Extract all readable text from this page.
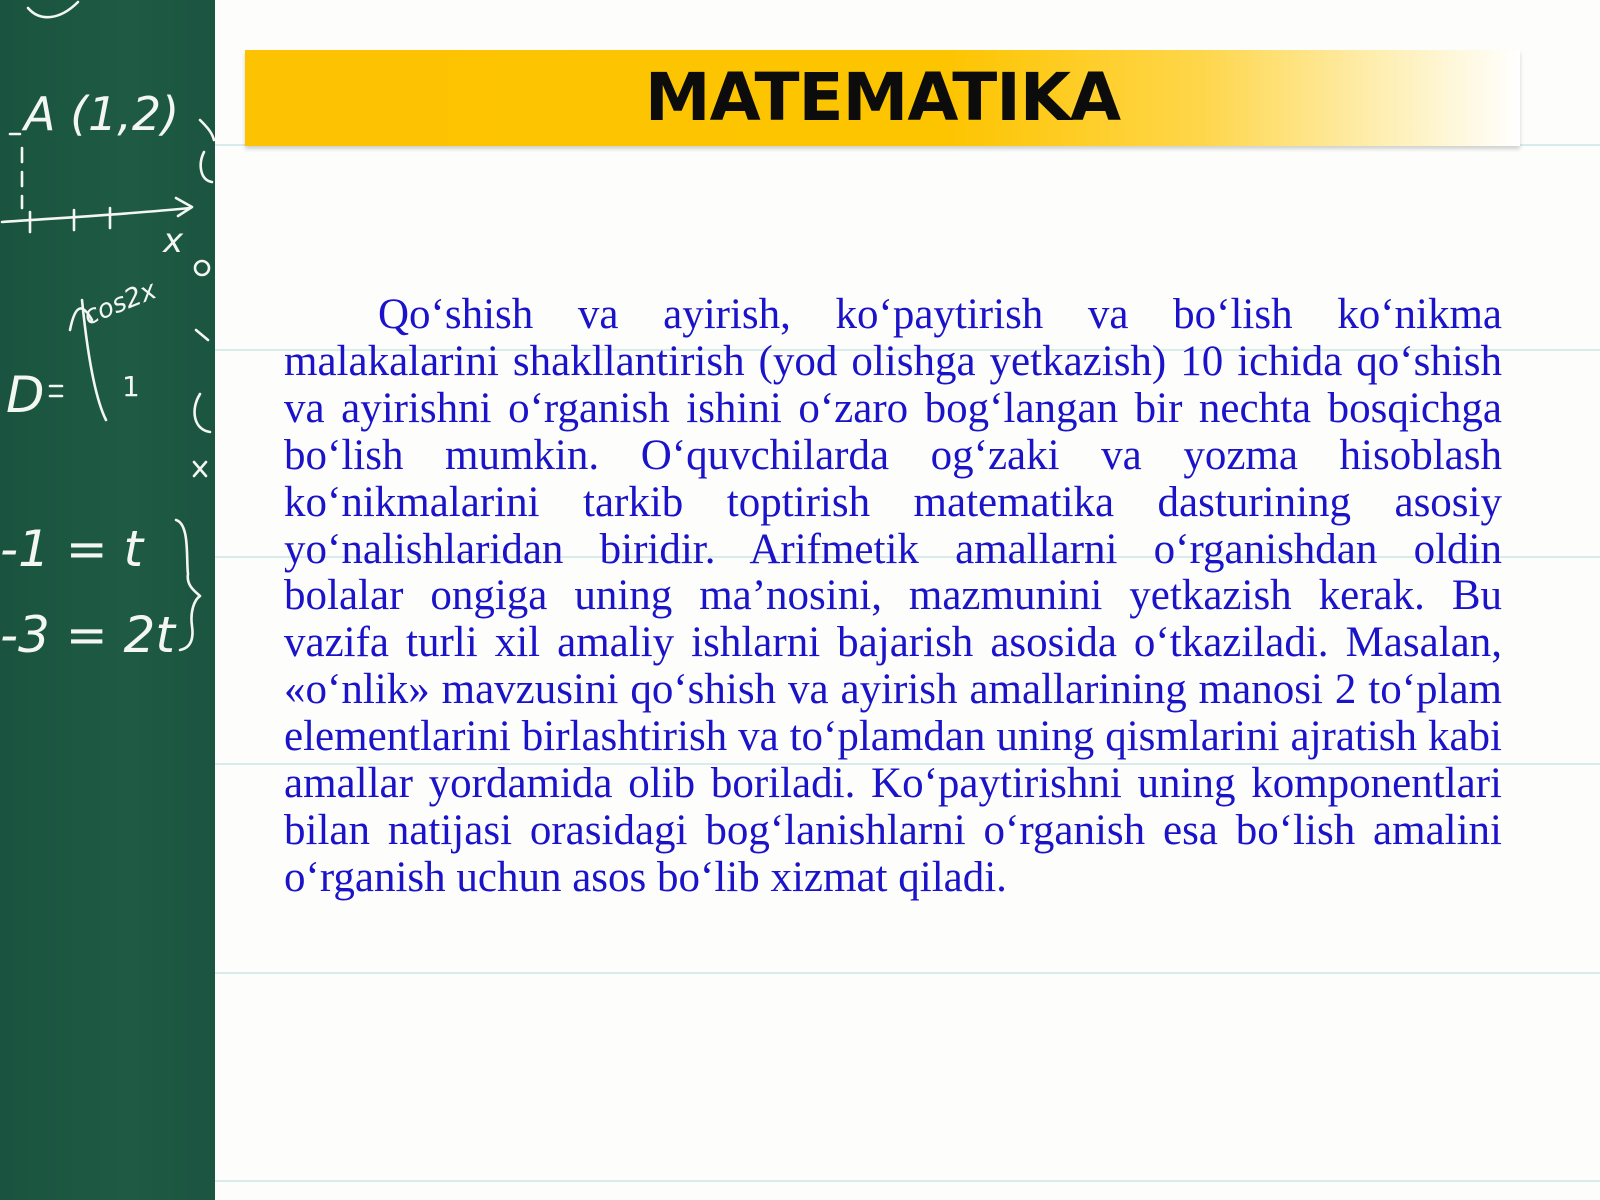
A (1,2)
x
cos2x
D	1
-1 = t
-3 = 2t
MATEMATIKA

Qo‘shish va ayirish, ko‘paytirish va bo‘lish ko‘nikma malakalarini shakllantirish (yod olishga yetkazish) 10 ichida qo‘shish va ayirishni o‘rganish ishini o‘zaro bog‘langan bir nechta bosqichga bo‘lish mumkin. O‘quvchilarda og‘zaki va yozma hisoblash ko‘nikmalarini tarkib toptirish matematika dasturining asosiy yo‘nalishlaridan biridir. Arifmetik amallarni o‘rganishdan oldin bolalar ongiga uning ma’nosini, mazmunini yetkazish kerak. Bu vazifa turli xil amaliy ishlarni bajarish asosida o‘tkaziladi. Masalan, «o‘nlik» mavzusini qo‘shish va ayirish amallarining manosi 2 to‘plam elementlarini birlashtirish va to‘plamdan uning qismlarini ajratish kabi amallar yordamida olib boriladi. Ko‘paytirishni uning komponentlari bilan natijasi orasidagi bog‘lanishlarni o‘rganish esa bo‘lish amalini o‘rganish uchun asos bo‘lib xizmat qiladi.
